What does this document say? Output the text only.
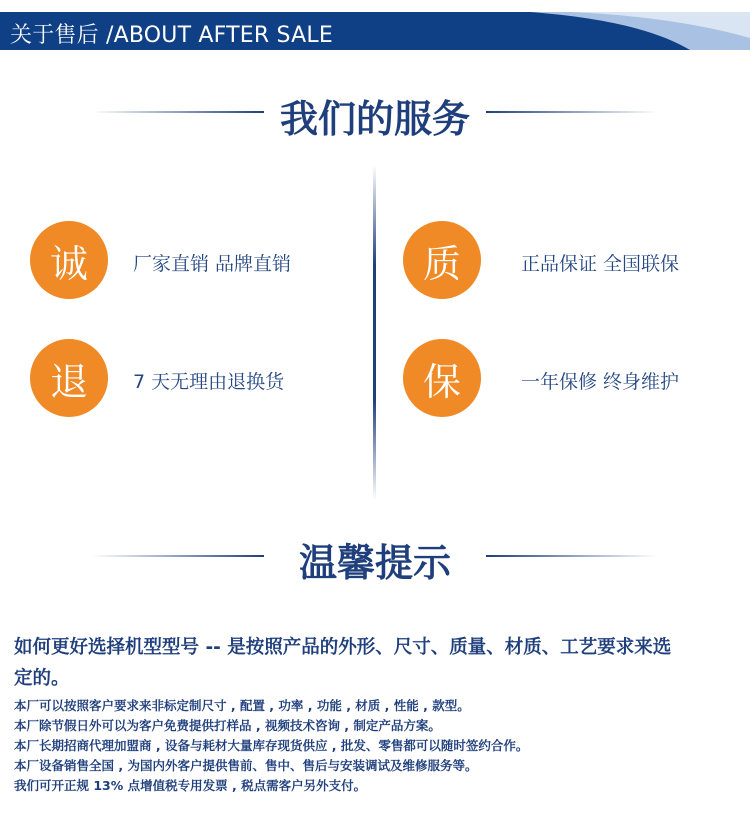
关于售后 /ABOUT AFTER SALE
我们的服务
诚	厂家直销 品牌直销	质	正品保证 全国联保
退	7 天无理由退换货	保	一年保修 终身维护
温馨提示
如何更好选择机型型号 -- 是按照产品的外形、尺寸、质量、材质、工艺要求来选定的。
本厂可以按照客户要求来非标定制尺寸 , 配置 , 功率 , 功能 , 材质 , 性能 , 款型。
本厂除节假日外可以为客户免费提供打样品 , 视频技术咨询 , 制定产品方案。
本厂长期招商代理加盟商 , 设备与耗材大量库存现货供应 , 批发、零售都可以随时签约合作。
本厂设备销售全国 , 为国内外客户提供售前、售中、售后与安装调试及维修服务等。
我们可开正规 13% 点增值税专用发票 , 税点需客户另外支付。
